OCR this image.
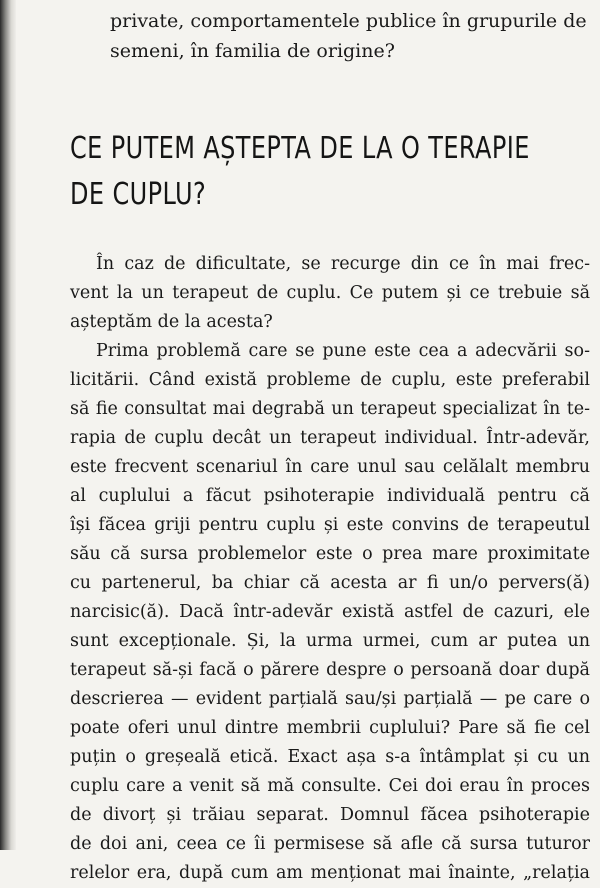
private, comportamentele publice în grupurile de
semeni, în familia de origine?

CE PUTEM AȘTEPTA DE LA O TERAPIE
DE CUPLU?

În caz de dificultate, se recurge din ce în mai frec-
vent la un terapeut de cuplu. Ce putem și ce trebuie să
așteptăm de la acesta?

Prima problemă care se pune este cea a adecvării so-
licitării. Când există probleme de cuplu, este preferabil
să fie consultat mai degrabă un terapeut specializat în te-
rapia de cuplu decât un terapeut individual. Într-adevăr,
este frecvent scenariul în care unul sau celălalt membru
al cuplului a făcut psihoterapie individuală pentru că
își făcea griji pentru cuplu și este convins de terapeutul
său că sursa problemelor este o prea mare proximitate
cu partenerul, ba chiar că acesta ar fi un/o pervers(ă)
narcisic(ă). Dacă într-adevăr există astfel de cazuri, ele
sunt excepționale. Și, la urma urmei, cum ar putea un
terapeut să-și facă o părere despre o persoană doar după
descrierea — evident parțială sau/și parțială — pe care o
poate oferi unul dintre membrii cuplului? Pare să fie cel
puțin o greșeală etică. Exact așa s-a întâmplat și cu un
cuplu care a venit să mă consulte. Cei doi erau în proces
de divorț și trăiau separat. Domnul făcea psihoterapie
de doi ani, ceea ce îi permisese să afle că sursa tuturor
relelor era, după cum am menționat mai înainte, „relația
